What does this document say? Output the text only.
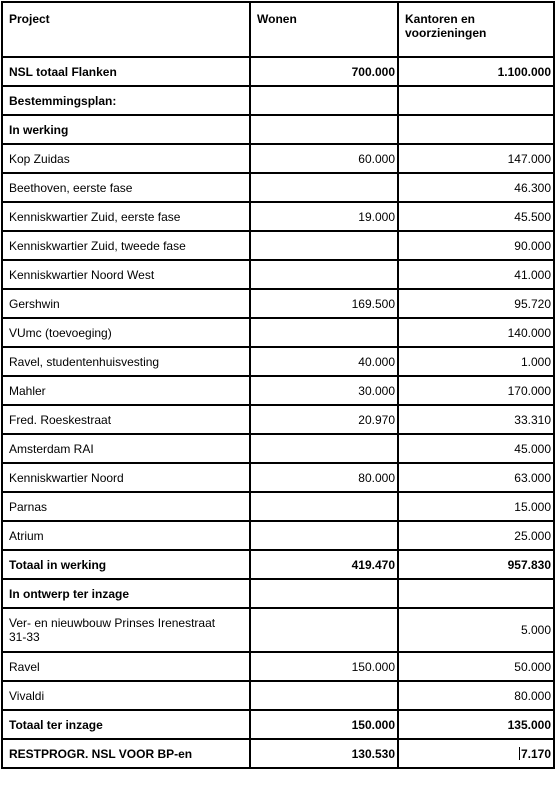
Project	Wonen	Kantoren en
voorzieningen
NSL totaal Flanken	700.000	1.100.000
Bestemmingsplan:		
In werking		
Kop Zuidas	60.000	147.000
Beethoven, eerste fase		46.300
Kenniskwartier Zuid, eerste fase	19.000	45.500
Kenniskwartier Zuid, tweede fase		90.000
Kenniskwartier Noord West		41.000
Gershwin	169.500	95.720
VUmc (toevoeging)		140.000
Ravel, studentenhuisvesting	40.000	1.000
Mahler	30.000	170.000
Fred. Roeskestraat	20.970	33.310
Amsterdam RAI		45.000
Kenniskwartier Noord	80.000	63.000
Parnas		15.000
Atrium		25.000
Totaal in werking	419.470	957.830
In ontwerp ter inzage		
Ver- en nieuwbouw Prinses Irenestraat
31-33		5.000
Ravel	150.000	50.000
Vivaldi		80.000
Totaal ter inzage	150.000	135.000
RESTPROGR. NSL VOOR BP-en	130.530	7.170
